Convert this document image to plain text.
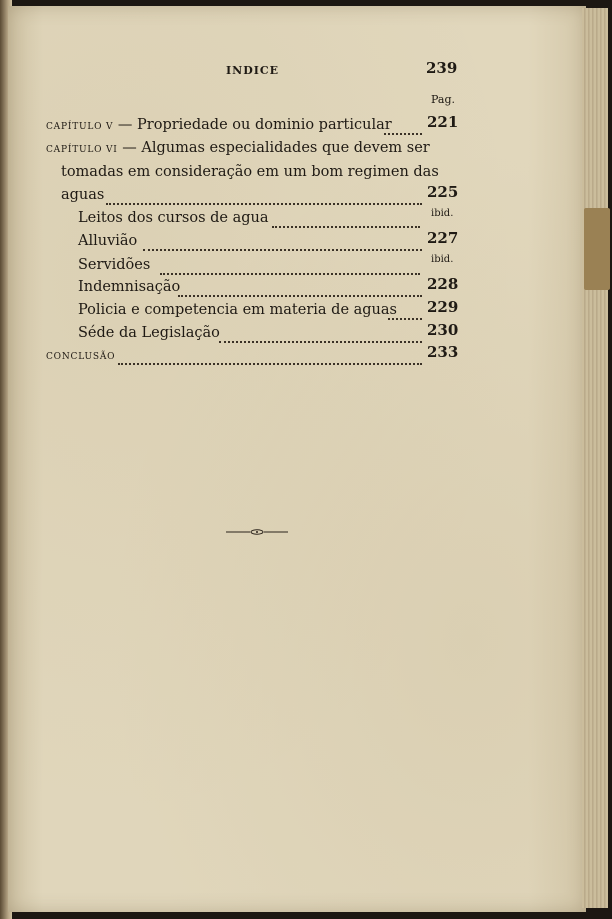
INDICE	239
Pag.
CAPÍTULO V — Propriedade ou dominio particular 221
CAPÍTULO VI — Algumas especialidades que devem ser
tomadas em consideração em um bom regimen das
aguas	225
Leitos dos cursos de agua	ibid.
Alluvião	227
Servidões	ibid.
Indemnisação	228
Policia e competencia em materia de aguas 229
Séde da Legislação	230
CONCLUSÃO	233
